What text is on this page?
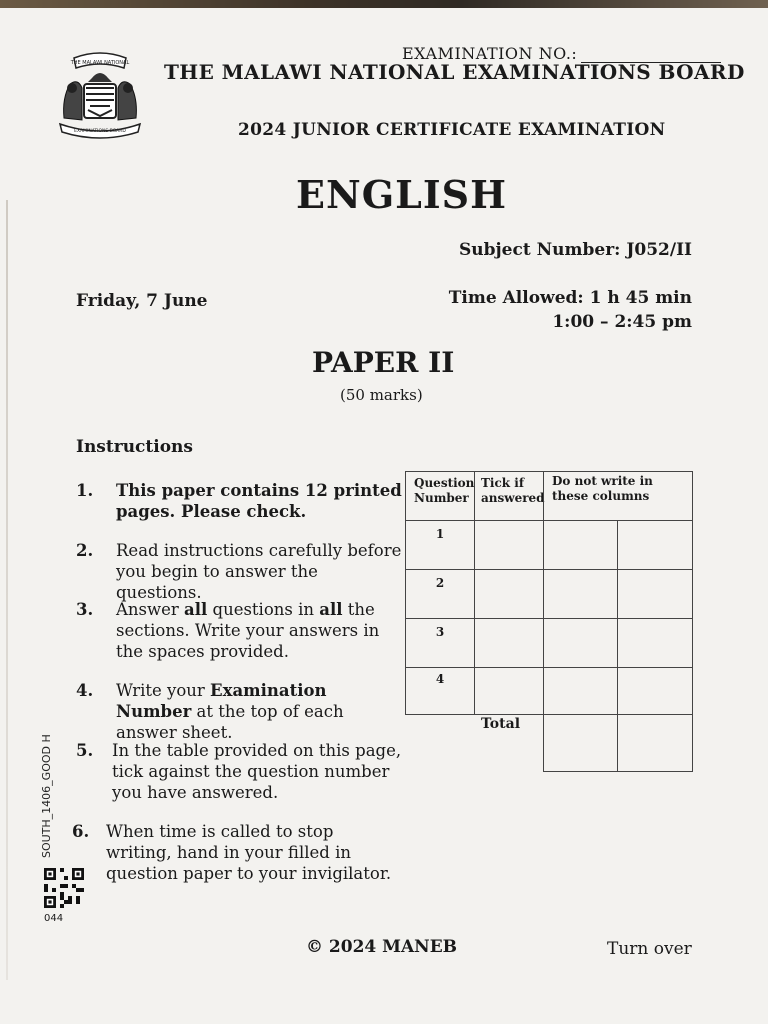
THE MALAWI NATIONAL
EXAMINATIONS BOARD
EXAMINATION NO.:
THE MALAWI NATIONAL EXAMINATIONS BOARD
2024 JUNIOR CERTIFICATE EXAMINATION
ENGLISH
Subject Number: J052/II
Friday, 7 June	Time Allowed: 1 h 45 min
1:00 – 2:45 pm
PAPER II
(50 marks)
Instructions
1. This paper contains 12 printed pages. Please check.
2. Read instructions carefully before you begin to answer the questions.
3. Answer all questions in all the sections. Write your answers in the spaces provided.
4. Write your Examination Number at the top of each answer sheet.
5. In the table provided on this page, tick against the question number you have answered.
6. When time is called to stop writing, hand in your filled in question paper to your invigilator.
Question Number
Tick if answered
Do not write in these columns
1
2
3
4
Total
SOUTH_1406_GOOD H
044
© 2024 MANEB	Turn over
